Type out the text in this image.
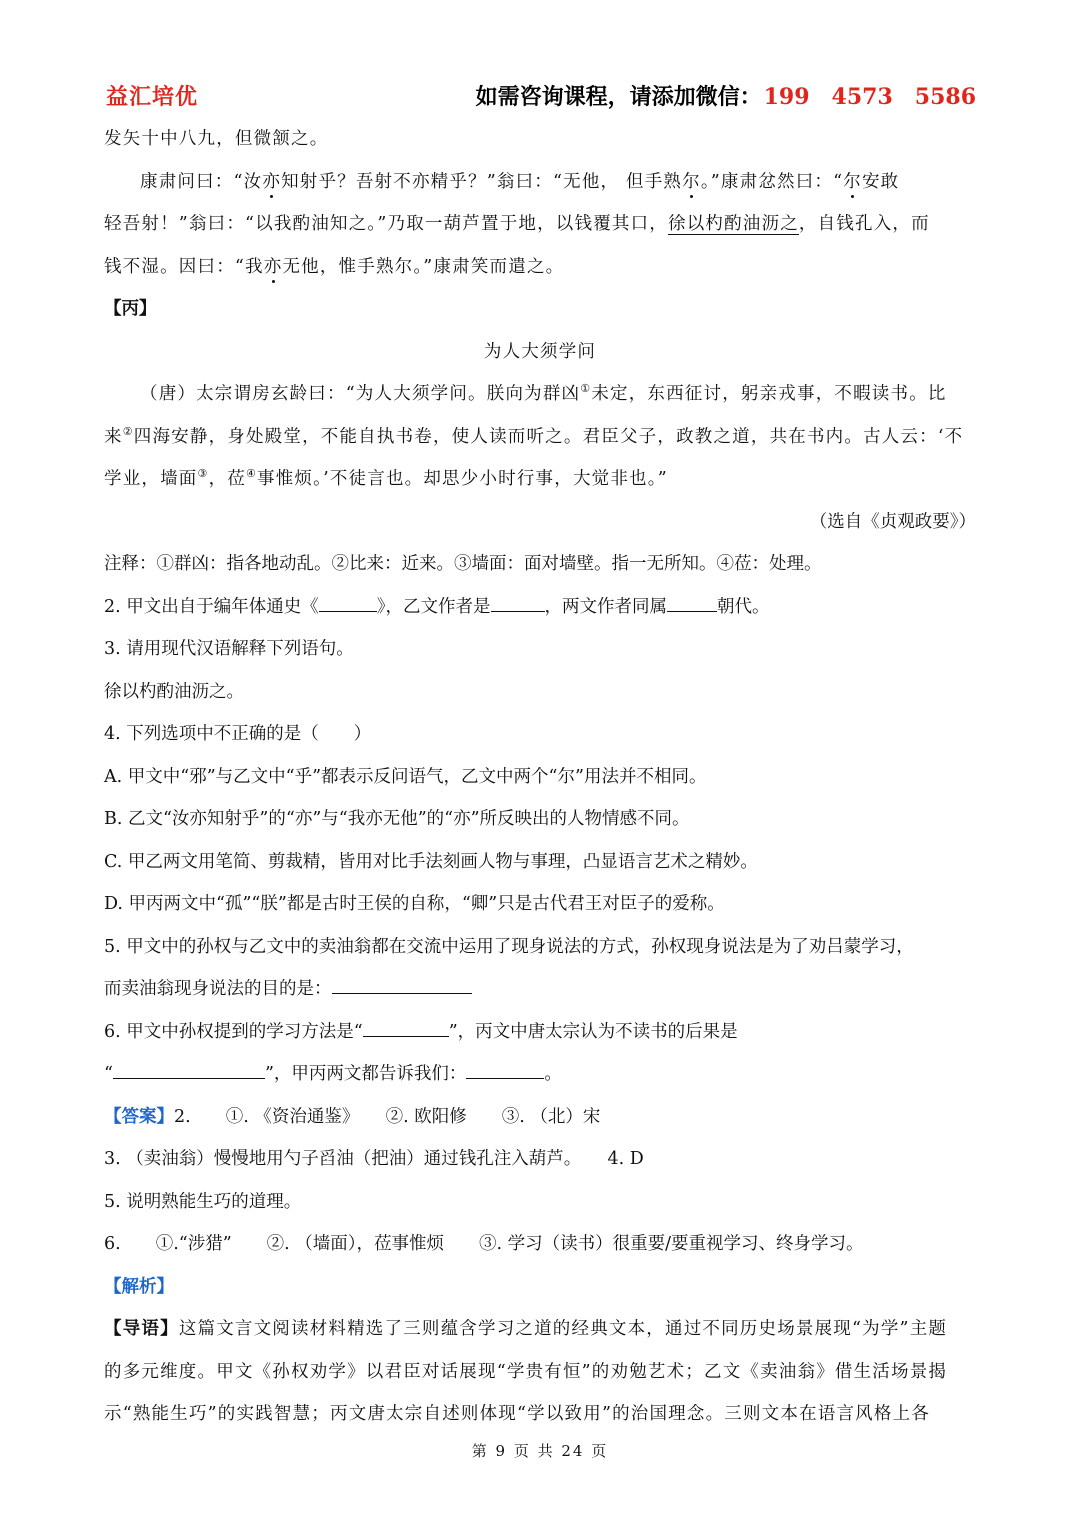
益汇培优	如需咨询课程，请添加微信：199 4573 5586
发矢十中八九，但微颔之。
康肃问曰：“汝亦知射乎？吾射不亦精乎？”翁曰：“无他， 但手熟尔。”康肃忿然曰：“尔安敢
轻吾射！”翁曰：“以我酌油知之。”乃取一葫芦置于地，以钱覆其口，徐以杓酌油沥之，自钱孔入，而
钱不湿。因曰：“我亦无他，惟手熟尔。”康肃笑而遣之。
【丙】
为人大须学问
（唐）太宗谓房玄龄曰：“为人大须学问。朕向为群凶①未定，东西征讨，躬亲戎事，不暇读书。比
来②四海安静，身处殿堂，不能自执书卷，使人读而听之。君臣父子，政教之道，共在书内。古人云：‘不
学业，墙面③，莅④事惟烦。’不徒言也。却思少小时行事，大觉非也。”
（选自《贞观政要》）
注释：①群凶：指各地动乱。②比来：近来。③墙面：面对墙壁。指一无所知。④莅：处理。
2. 甲文出自于编年体通史《	》，乙文作者是	，两文作者同属	朝代。
3. 请用现代汉语解释下列语句。
徐以杓酌油沥之。
4. 下列选项中不正确的是（　　）
A. 甲文中“邪”与乙文中“乎”都表示反问语气，乙文中两个“尔”用法并不相同。
B. 乙文“汝亦知射乎”的“亦”与“我亦无他”的“亦”所反映出的人物情感不同。
C. 甲乙两文用笔简、剪裁精，皆用对比手法刻画人物与事理，凸显语言艺术之精妙。
D. 甲丙两文中“孤”“朕”都是古时王侯的自称，“卿”只是古代君王对臣子的爱称。
5. 甲文中的孙权与乙文中的卖油翁都在交流中运用了现身说法的方式，孙权现身说法是为了劝吕蒙学习，
而卖油翁现身说法的目的是：
6. 甲文中孙权提到的学习方法是“	”，丙文中唐太宗认为不读书的后果是
“	”，甲丙两文都告诉我们：	。
【答案】2.　　①. 《资治通鉴》　　②. 欧阳修　　③. （北）宋
3. （卖油翁）慢慢地用勺子舀油（把油）通过钱孔注入葫芦。　　4. D
5. 说明熟能生巧的道理。
6.　　①.“涉猎”　　②. （墙面），莅事惟烦　　③. 学习（读书）很重要/要重视学习、终身学习。
【解析】
【导语】这篇文言文阅读材料精选了三则蕴含学习之道的经典文本，通过不同历史场景展现“为学”主题
的多元维度。甲文《孙权劝学》以君臣对话展现“学贵有恒”的劝勉艺术；乙文《卖油翁》借生活场景揭
示“熟能生巧”的实践智慧；丙文唐太宗自述则体现“学以致用”的治国理念。三则文本在语言风格上各
第 9 页 共 24 页
